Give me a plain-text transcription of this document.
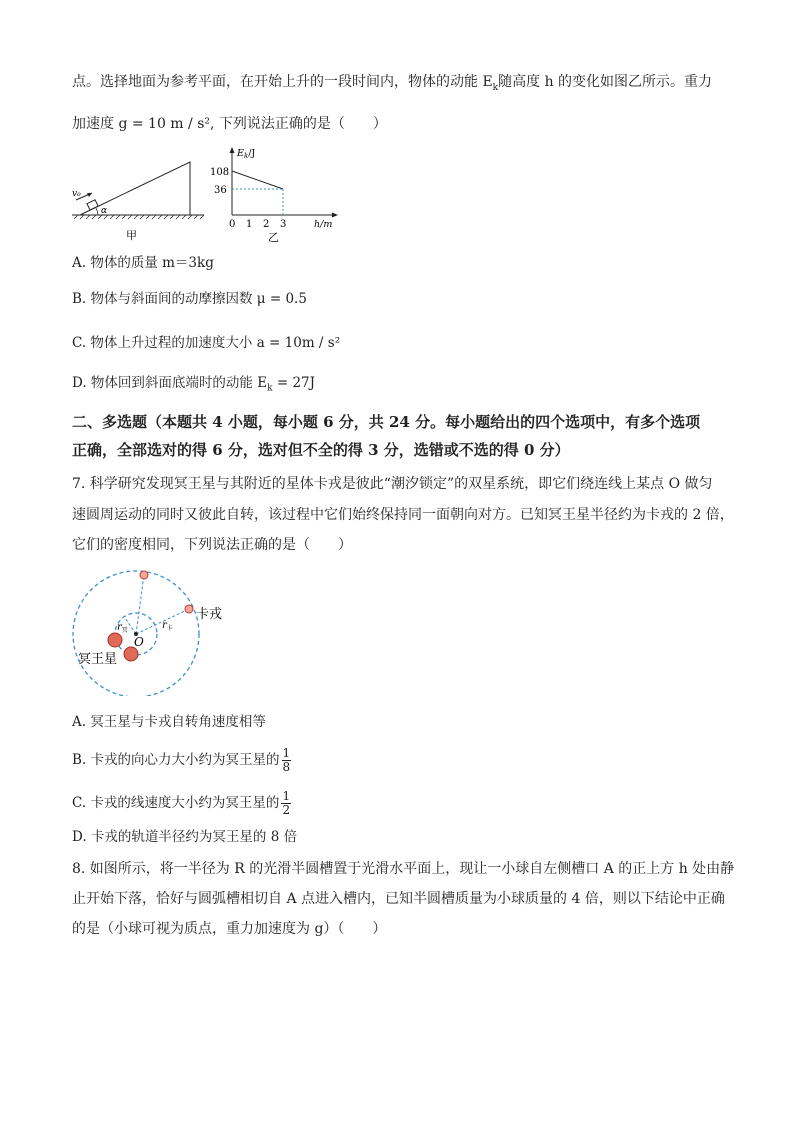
点。选择地面为参考平面，在开始上升的一段时间内，物体的动能 $E_k$随高度 h 的变化如图乙所示。重力
加速度 g = 10 m / s², 下列说法正确的是（　　）
v₀
α
甲
$E_k/J$
108
36
0 1 2 3	h/m
乙
A. 物体的质量 m＝3kg
B. 物体与斜面间的动摩擦因数 μ = 0.5
C. 物体上升过程的加速度大小 a = 10m / s²
D. 物体回到斜面底端时的动能 $E_k = 27J$
二、多选题（本题共 4 小题，每小题 6 分，共 24 分。每小题给出的四个选项中，有多个选项
正确，全部选对的得 6 分，选对但不全的得 3 分，选错或不选的得 0 分）
7. 科学研究发现冥王星与其附近的星体卡戎是彼此“潮汐锁定”的双星系统，即它们绕连线上某点 O 做匀
速圆周运动的同时又彼此自转，该过程中它们始终保持同一面朝向对方。已知冥王星半径约为卡戎的 2 倍，
它们的密度相同，下列说法正确的是（　　）
O
$r_冥$	$r_卡$
卡戎
冥王星
A. 冥王星与卡戎自转角速度相等
B. 卡戎的向心力大小约为冥王星的 $\frac{1}{8}$
C. 卡戎的线速度大小约为冥王星的 $\frac{1}{2}$
D. 卡戎的轨道半径约为冥王星的 8 倍
8. 如图所示，将一半径为 R 的光滑半圆槽置于光滑水平面上，现让一小球自左侧槽口 A 的正上方 h 处由静
止开始下落，恰好与圆弧槽相切自 A 点进入槽内，已知半圆槽质量为小球质量的 4 倍，则以下结论中正确
的是（小球可视为质点，重力加速度为 g）（　　）
